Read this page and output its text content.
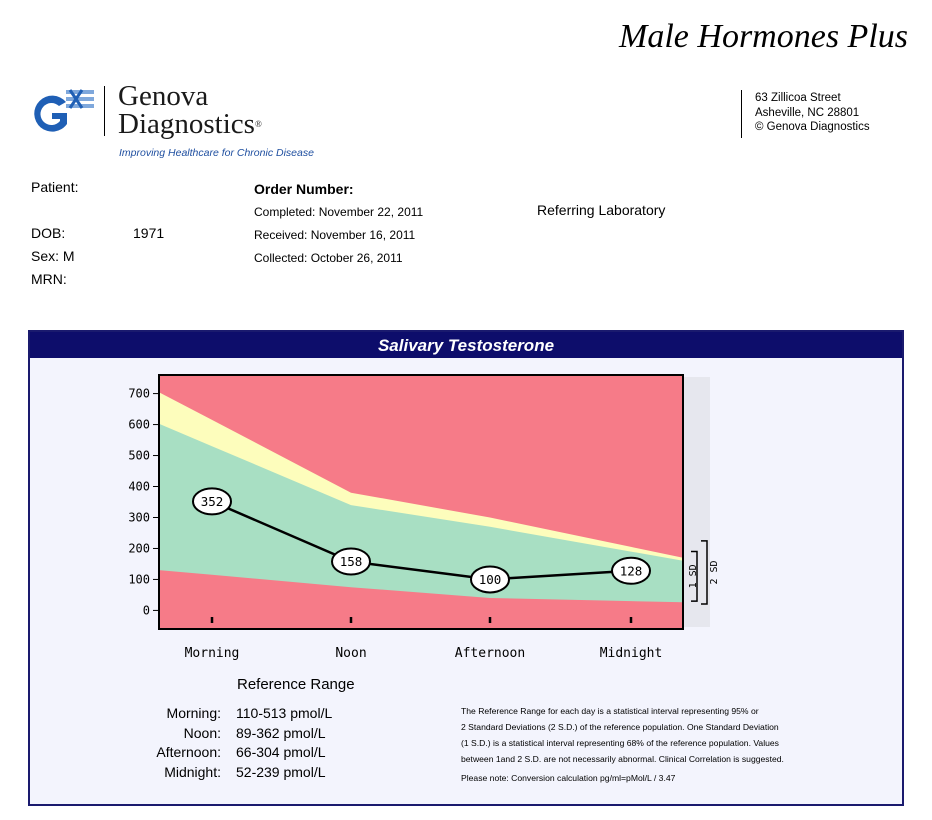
Male Hormones Plus
Genova
Diagnostics®
Improving Healthcare for Chronic Disease
63 Zillicoa Street
Asheville, NC 28801
© Genova Diagnostics
Patient:
DOB:	1971
Sex: M
MRN:
Order Number:
Completed: November 22, 2011
Received: November 16, 2011
Collected: October 26, 2011
Referring Laboratory
Salivary Testosterone
0
100
200
300
400
500
600
700
Morning	Noon	Afternoon	Midnight
352
158
100
128	1 SD 2 SD
Reference Range
Morning: 110-513 pmol/L
Noon: 89-362 pmol/L
Afternoon: 66-304 pmol/L
Midnight: 52-239 pmol/L
The Reference Range for each day is a statistical interval representing 95% or
2 Standard Deviations (2 S.D.) of the reference population. One Standard Deviation
(1 S.D.) is a statistical interval representing 68% of the reference population. Values
between 1and 2 S.D. are not necessarily abnormal. Clinical Correlation is suggested.
Please note: Conversion calculation pg/ml=pMol/L / 3.47
